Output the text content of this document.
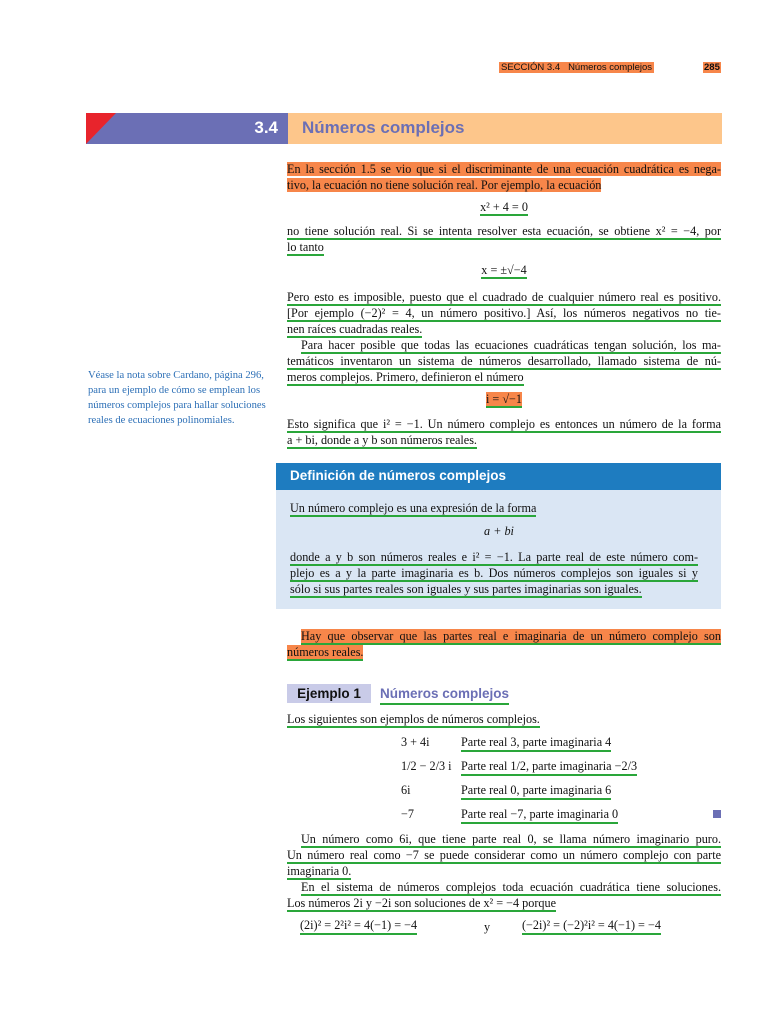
SECCIÓN 3.4 Números complejos	285
3.4 Números complejos
Véase la nota sobre Cardano, página 296, para un ejemplo de cómo se emplean los números complejos para hallar soluciones reales de ecuaciones polinomiales.
En la sección 1.5 se vio que si el discriminante de una ecuación cuadrática es nega-
tivo, la ecuación no tiene solución real. Por ejemplo, la ecuación
x² + 4 = 0
no tiene solución real. Si se intenta resolver esta ecuación, se obtiene x² = −4, por
lo tanto
x = ±√−4
Pero esto es imposible, puesto que el cuadrado de cualquier número real es positivo.
[Por ejemplo (−2)² = 4, un número positivo.] Así, los números negativos no tie-
nen raíces cuadradas reales.
Para hacer posible que todas las ecuaciones cuadráticas tengan solución, los ma-
temáticos inventaron un sistema de números desarrollado, llamado sistema de nú-
meros complejos. Primero, definieron el número
i = √−1
Esto significa que i² = −1. Un número complejo es entonces un número de la forma
a + bi, donde a y b son números reales.
Definición de números complejos
Un número complejo es una expresión de la forma
a + bi
donde a y b son números reales e i² = −1. La parte real de este número com-
plejo es a y la parte imaginaria es b. Dos números complejos son iguales si y
sólo si sus partes reales son iguales y sus partes imaginarias son iguales.
Hay que observar que las partes real e imaginaria de un número complejo son
números reales.
Ejemplo 1	Números complejos
Los siguientes son ejemplos de números complejos.
3 + 4i	Parte real 3, parte imaginaria 4
1/2 − 2/3 i Parte real 1/2, parte imaginaria −2/3
6i	Parte real 0, parte imaginaria 6
−7	Parte real −7, parte imaginaria 0
Un número como 6i, que tiene parte real 0, se llama número imaginario puro.
Un número real como −7 se puede considerar como un número complejo con parte
imaginaria 0.
En el sistema de números complejos toda ecuación cuadrática tiene soluciones.
Los números 2i y −2i son soluciones de x² = −4 porque
(2i)² = 2²i² = 4(−1) = −4	y	(−2i)² = (−2)²i² = 4(−1) = −4
